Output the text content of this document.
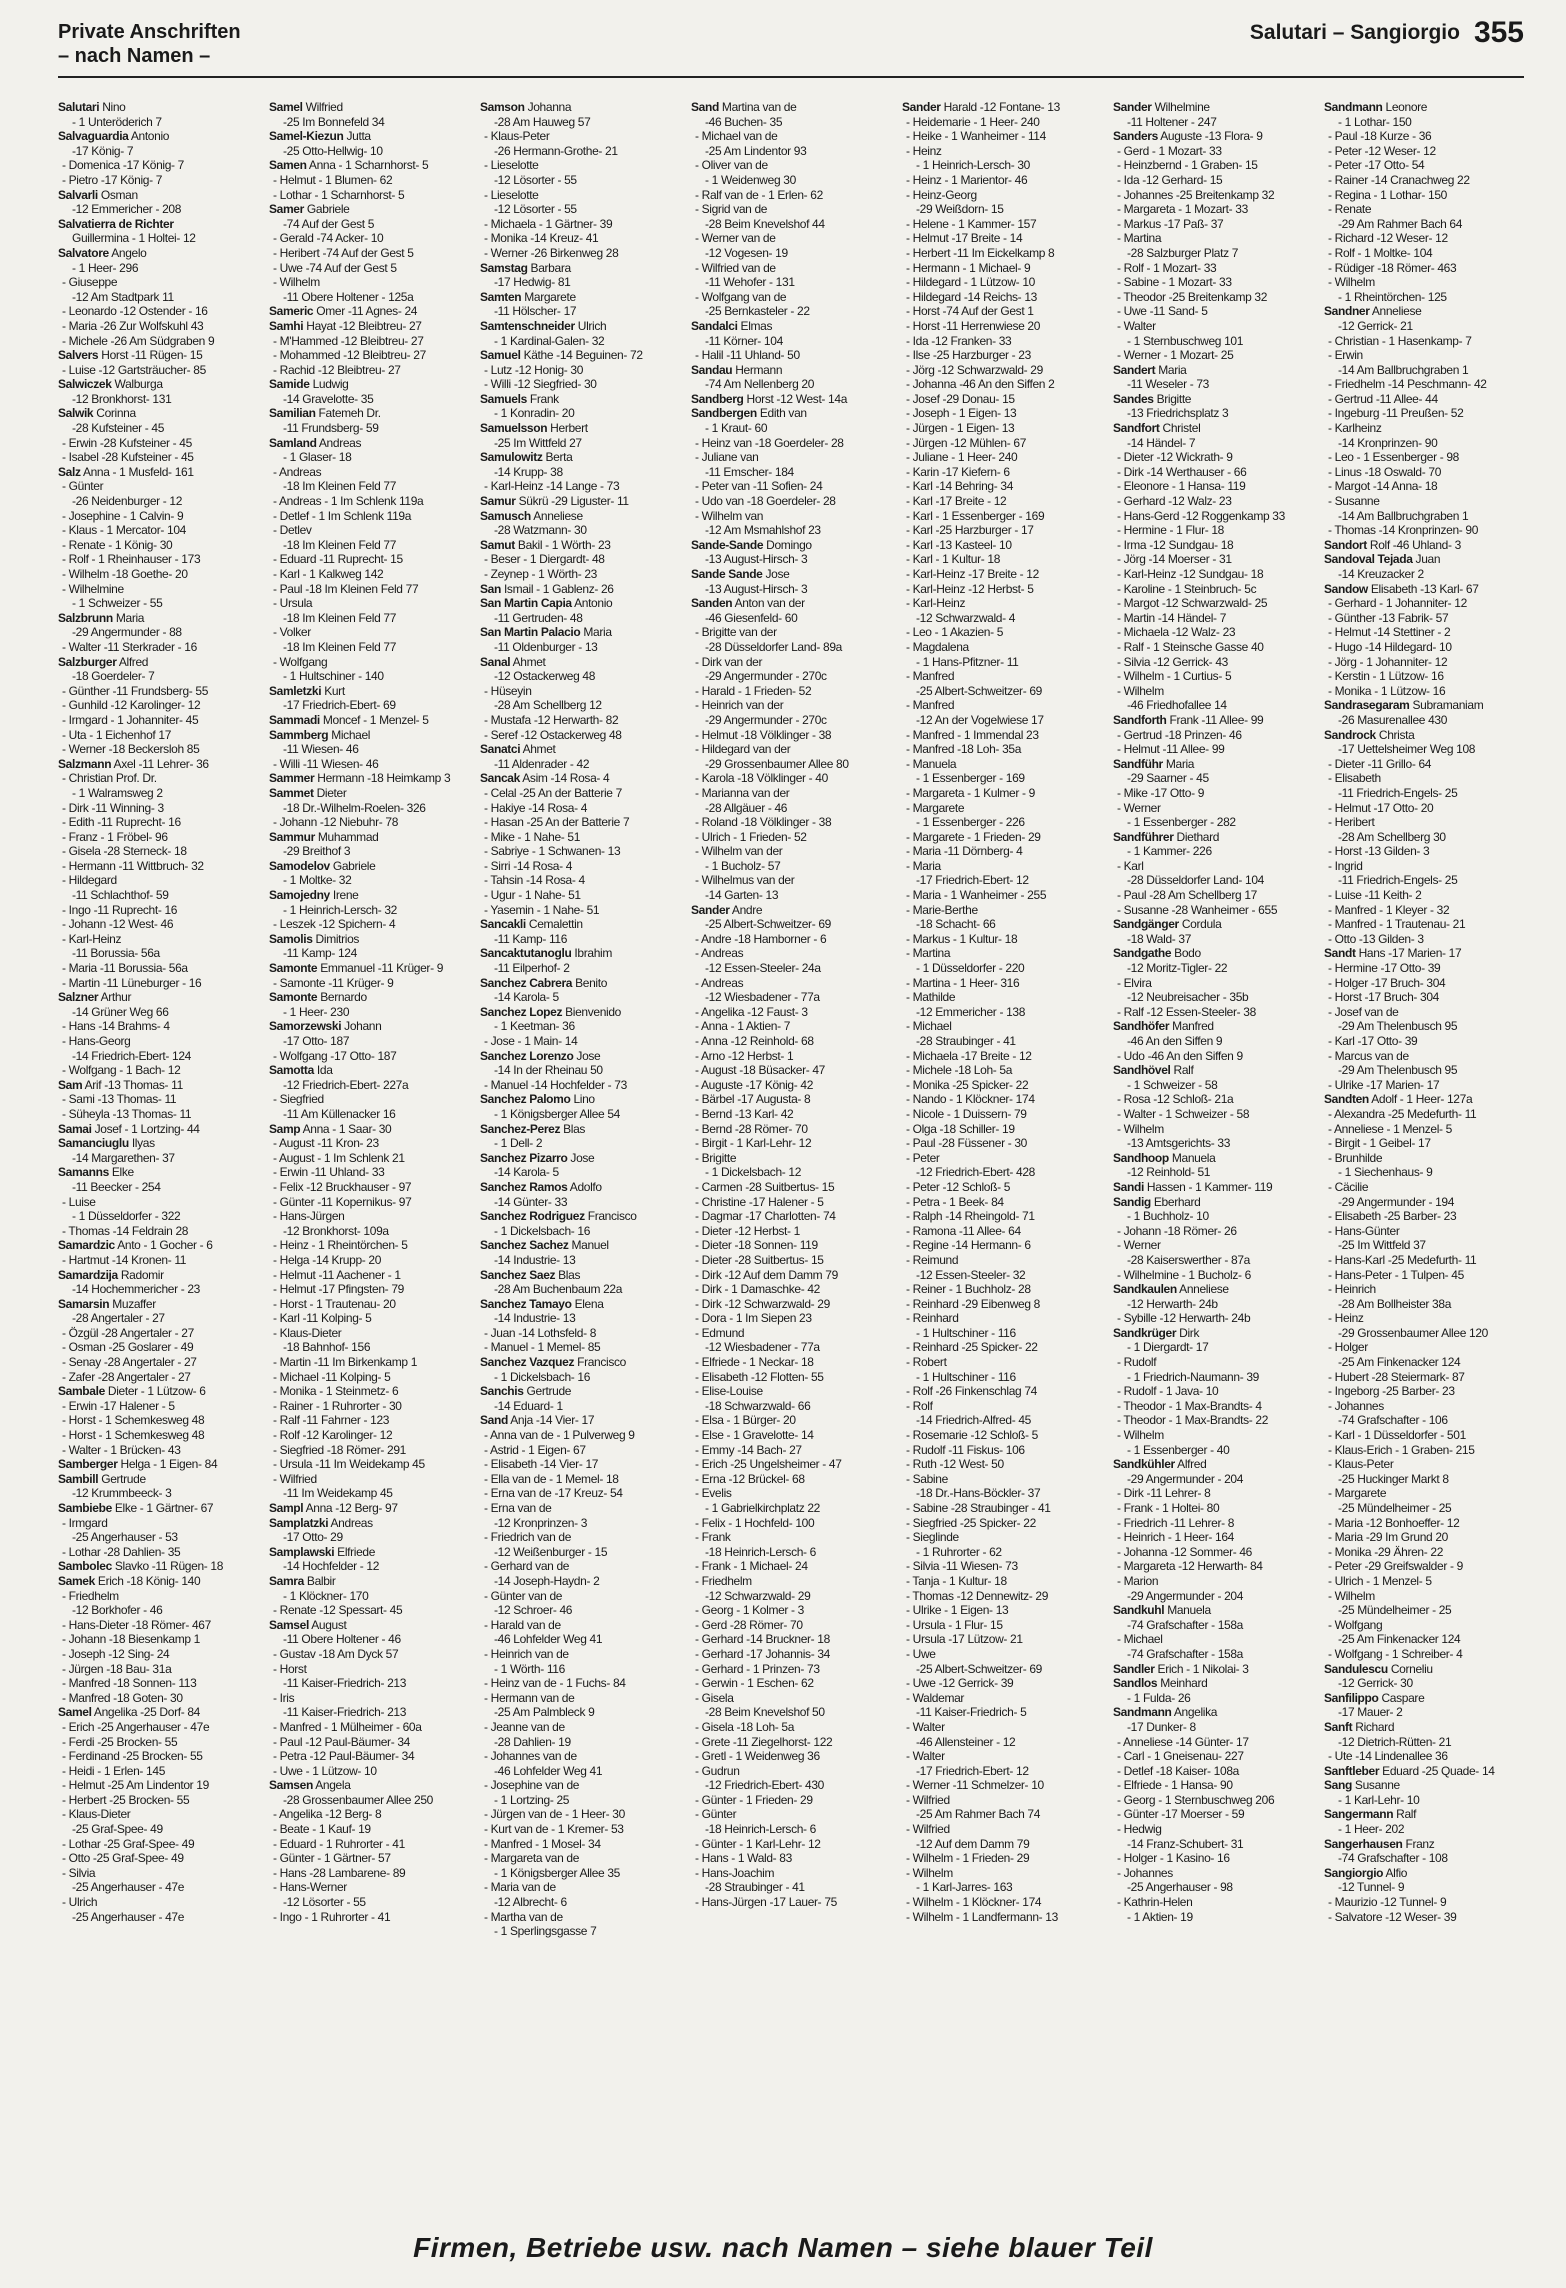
Private Anschriften
– nach Namen –
Salutari – Sangiorgio 355
Salutari Nino
- 1 Unteröderich 7
Salvaguardia Antonio
-17 König- 7
- Domenica -17 König- 7
- Pietro -17 König- 7
Salvarli Osman
-12 Emmericher - 208
Salvatierra de Richter
Guillermina - 1 Holtei- 12
Salvatore Angelo
- 1 Heer- 296
- Giuseppe
-12 Am Stadtpark 11
- Leonardo -12 Ostender - 16
- Maria -26 Zur Wolfskuhl 43
- Michele -26 Am Südgraben 9
Salvers Horst -11 Rügen- 15
- Luise -12 Gartsträucher- 85
Salwiczek Walburga
-12 Bronkhorst- 131
Salwik Corinna
-28 Kufsteiner - 45
- Erwin -28 Kufsteiner - 45
- Isabel -28 Kufsteiner - 45
Salz Anna - 1 Musfeld- 161
- Günter
-26 Neidenburger - 12
- Josephine - 1 Calvin- 9
- Klaus - 1 Mercator- 104
- Renate - 1 König- 30
- Rolf - 1 Rheinhauser - 173
- Wilhelm -18 Goethe- 20
- Wilhelmine
- 1 Schweizer - 55
Salzbrunn Maria
-29 Angermunder - 88
- Walter -11 Sterkrader - 16
Salzburger Alfred
-18 Goerdeler- 7
- Günther -11 Frundsberg- 55
- Gunhild -12 Karolinger- 12
- Irmgard - 1 Johanniter- 45
- Uta - 1 Eichenhof 17
- Werner -18 Beckersloh 85
Salzmann Axel -11 Lehrer- 36
- Christian Prof. Dr.
- 1 Walramsweg 2
- Dirk -11 Winning- 3
- Edith -11 Ruprecht- 16
- Franz - 1 Fröbel- 96
- Gisela -28 Sterneck- 18
- Hermann -11 Wittbruch- 32
- Hildegard
-11 Schlachthof- 59
- Ingo -11 Ruprecht- 16
- Johann -12 West- 46
- Karl-Heinz
-11 Borussia- 56a
- Maria -11 Borussia- 56a
- Martin -11 Lüneburger - 16
Salzner Arthur
-14 Grüner Weg 66
- Hans -14 Brahms- 4
- Hans-Georg
-14 Friedrich-Ebert- 124
- Wolfgang - 1 Bach- 12
Sam Arif -13 Thomas- 11
- Sami -13 Thomas- 11
- Süheyla -13 Thomas- 11
Samai Josef - 1 Lortzing- 44
Samanciuglu Ilyas
-14 Margarethen- 37
Samanns Elke
-11 Beecker - 254
- Luise
- 1 Düsseldorfer - 322
- Thomas -14 Feldrain 28
Samardzic Anto - 1 Gocher - 6
- Hartmut -14 Kronen- 11
Samardzija Radomir
-14 Hochemmericher - 23
Samarsin Muzaffer
-28 Angertaler - 27
- Özgül -28 Angertaler - 27
- Osman -25 Goslarer - 49
- Senay -28 Angertaler - 27
- Zafer -28 Angertaler - 27
Sambale Dieter - 1 Lützow- 6
- Erwin -17 Halener - 5
- Horst - 1 Schemkesweg 48
- Horst - 1 Schemkesweg 48
- Walter - 1 Brücken- 43
Samberger Helga - 1 Eigen- 84
Sambill Gertrude
-12 Krummbeeck- 3
Sambiebe Elke - 1 Gärtner- 67
- Irmgard
-25 Angerhauser - 53
- Lothar -28 Dahlien- 35
Sambolec Slavko -11 Rügen- 18
Samek Erich -18 König- 140
- Friedhelm
-12 Borkhofer - 46
- Hans-Dieter -18 Römer- 467
- Johann -18 Biesenkamp 1
- Joseph -12 Sing- 24
- Jürgen -18 Bau- 31a
- Manfred -18 Sonnen- 113
- Manfred -18 Goten- 30
Samel Angelika -25 Dorf- 84
- Erich -25 Angerhauser - 47e
- Ferdi -25 Brocken- 55
- Ferdinand -25 Brocken- 55
- Heidi - 1 Erlen- 145
- Helmut -25 Am Lindentor 19
- Herbert -25 Brocken- 55
- Klaus-Dieter
-25 Graf-Spee- 49
- Lothar -25 Graf-Spee- 49
- Otto -25 Graf-Spee- 49
- Silvia
-25 Angerhauser - 47e
- Ulrich
-25 Angerhauser - 47e
Samel Wilfried
-25 Im Bonnefeld 34
Samel-Kiezun Jutta
-25 Otto-Hellwig- 10
Samen Anna - 1 Scharnhorst- 5
- Helmut - 1 Blumen- 62
- Lothar - 1 Scharnhorst- 5
Samer Gabriele
-74 Auf der Gest 5
- Gerald -74 Acker- 10
- Heribert -74 Auf der Gest 5
- Uwe -74 Auf der Gest 5
- Wilhelm
-11 Obere Holtener - 125a
Sameric Omer -11 Agnes- 24
Samhi Hayat -12 Bleibtreu- 27
- M'Hammed -12 Bleibtreu- 27
- Mohammed -12 Bleibtreu- 27
- Rachid -12 Bleibtreu- 27
Samide Ludwig
-14 Gravelotte- 35
Samilian Fatemeh Dr.
-11 Frundsberg- 59
Samland Andreas
- 1 Glaser- 18
- Andreas
-18 Im Kleinen Feld 77
- Andreas - 1 Im Schlenk 119a
- Detlef - 1 Im Schlenk 119a
- Detlev
-18 Im Kleinen Feld 77
- Eduard -11 Ruprecht- 15
- Karl - 1 Kalkweg 142
- Paul -18 Im Kleinen Feld 77
- Ursula
-18 Im Kleinen Feld 77
- Volker
-18 Im Kleinen Feld 77
- Wolfgang
- 1 Hultschiner - 140
Samletzki Kurt
-17 Friedrich-Ebert- 69
Sammadi Moncef - 1 Menzel- 5
Sammberg Michael
-11 Wiesen- 46
- Willi -11 Wiesen- 46
Sammer Hermann -18 Heimkamp 3
Sammet Dieter
-18 Dr.-Wilhelm-Roelen- 326
- Johann -12 Niebuhr- 78
Sammur Muhammad
-29 Breithof 3
Samodelov Gabriele
- 1 Moltke- 32
Samojedny Irene
- 1 Heinrich-Lersch- 32
- Leszek -12 Spichern- 4
Samolis Dimitrios
-11 Kamp- 124
Samonte Emmanuel -11 Krüger- 9
- Samonte -11 Krüger- 9
Samonte Bernardo
- 1 Heer- 230
Samorzewski Johann
-17 Otto- 187
- Wolfgang -17 Otto- 187
Samotta Ida
-12 Friedrich-Ebert- 227a
- Siegfried
-11 Am Küllenacker 16
Samp Anna - 1 Saar- 30
- August -11 Kron- 23
- August - 1 Im Schlenk 21
- Erwin -11 Uhland- 33
- Felix -12 Bruckhauser - 97
- Günter -11 Kopernikus- 97
- Hans-Jürgen
-12 Bronkhorst- 109a
- Heinz - 1 Rheintörchen- 5
- Helga -14 Krupp- 20
- Helmut -11 Aachener - 1
- Helmut -17 Pfingsten- 79
- Horst - 1 Trautenau- 20
- Karl -11 Kolping- 5
- Klaus-Dieter
-18 Bahnhof- 156
- Martin -11 Im Birkenkamp 1
- Michael -11 Kolping- 5
- Monika - 1 Steinmetz- 6
- Rainer - 1 Ruhrorter - 30
- Ralf -11 Fahrner - 123
- Rolf -12 Karolinger- 12
- Siegfried -18 Römer- 291
- Ursula -11 Im Weidekamp 45
- Wilfried
-11 Im Weidekamp 45
Sampl Anna -12 Berg- 97
Samplatzki Andreas
-17 Otto- 29
Samplawski Elfriede
-14 Hochfelder - 12
Samra Balbir
- 1 Klöckner- 170
- Renate -12 Spessart- 45
Samsel August
-11 Obere Holtener - 46
- Gustav -18 Am Dyck 57
- Horst
-11 Kaiser-Friedrich- 213
- Iris
-11 Kaiser-Friedrich- 213
- Manfred - 1 Mülheimer - 60a
- Paul -12 Paul-Bäumer- 34
- Petra -12 Paul-Bäumer- 34
- Uwe - 1 Lützow- 10
Samsen Angela
-28 Grossenbaumer Allee 250
- Angelika -12 Berg- 8
- Beate - 1 Kauf- 19
- Eduard - 1 Ruhrorter - 41
- Günter - 1 Gärtner- 57
- Hans -28 Lambarene- 89
- Hans-Werner
-12 Lösorter - 55
- Ingo - 1 Ruhrorter - 41
Samson Johanna
-28 Am Hauweg 57
- Klaus-Peter
-26 Hermann-Grothe- 21
- Lieselotte
-12 Lösorter - 55
- Lieselotte
-12 Lösorter - 55
- Michaela - 1 Gärtner- 39
- Monika -14 Kreuz- 41
- Werner -26 Birkenweg 28
Samstag Barbara
-17 Hedwig- 81
Samten Margarete
-11 Hölscher- 17
Samtenschneider Ulrich
- 1 Kardinal-Galen- 32
Samuel Käthe -14 Beguinen- 72
- Lutz -12 Honig- 30
- Willi -12 Siegfried- 30
Samuels Frank
- 1 Konradin- 20
Samuelsson Herbert
-25 Im Wittfeld 27
Samulowitz Berta
-14 Krupp- 38
- Karl-Heinz -14 Lange - 73
Samur Sükrü -29 Liguster- 11
Samusch Anneliese
-28 Watzmann- 30
Samut Bakil - 1 Wörth- 23
- Beser - 1 Diergardt- 48
- Zeynep - 1 Wörth- 23
San Ismail - 1 Gablenz- 26
San Martin Capia Antonio
-11 Gertruden- 48
San Martin Palacio Maria
-11 Oldenburger - 13
Sanal Ahmet
-12 Ostackerweg 48
- Hüseyin
-28 Am Schellberg 12
- Mustafa -12 Herwarth- 82
- Seref -12 Ostackerweg 48
Sanatci Ahmet
-11 Aldenrader - 42
Sancak Asim -14 Rosa- 4
- Celal -25 An der Batterie 7
- Hakiye -14 Rosa- 4
- Hasan -25 An der Batterie 7
- Mike - 1 Nahe- 51
- Sabriye - 1 Schwanen- 13
- Sirri -14 Rosa- 4
- Tahsin -14 Rosa- 4
- Ugur - 1 Nahe- 51
- Yasemin - 1 Nahe- 51
Sancakli Cemalettin
-11 Kamp- 116
Sancaktutanoglu Ibrahim
-11 Eilperhof- 2
Sanchez Cabrera Benito
-14 Karola- 5
Sanchez Lopez Bienvenido
- 1 Keetman- 36
- Jose - 1 Main- 14
Sanchez Lorenzo Jose
-14 In der Rheinau 50
- Manuel -14 Hochfelder - 73
Sanchez Palomo Lino
- 1 Königsberger Allee 54
Sanchez-Perez Blas
- 1 Dell- 2
Sanchez Pizarro Jose
-14 Karola- 5
Sanchez Ramos Adolfo
-14 Günter- 33
Sanchez Rodriguez Francisco
- 1 Dickelsbach- 16
Sanchez Sachez Manuel
-14 Industrie- 13
Sanchez Saez Blas
-28 Am Buchenbaum 22a
Sanchez Tamayo Elena
-14 Industrie- 13
- Juan -14 Lothsfeld- 8
- Manuel - 1 Memel- 85
Sanchez Vazquez Francisco
- 1 Dickelsbach- 16
Sanchis Gertrude
-14 Eduard- 1
Sand Anja -14 Vier- 17
- Anna van de - 1 Pulverweg 9
- Astrid - 1 Eigen- 67
- Elisabeth -14 Vier- 17
- Ella van de - 1 Memel- 18
- Erna van de -17 Kreuz- 54
- Erna van de
-12 Kronprinzen- 3
- Friedrich van de
-12 Weißenburger - 15
- Gerhard van de
-14 Joseph-Haydn- 2
- Günter van de
-12 Schroer- 46
- Harald van de
-46 Lohfelder Weg 41
- Heinrich van de
- 1 Wörth- 116
- Heinz van de - 1 Fuchs- 84
- Hermann van de
-25 Am Palmbleck 9
- Jeanne van de
-28 Dahlien- 19
- Johannes van de
-46 Lohfelder Weg 41
- Josephine van de
- 1 Lortzing- 25
- Jürgen van de - 1 Heer- 30
- Kurt van de - 1 Kremer- 53
- Manfred - 1 Mosel- 34
- Margareta van de
- 1 Königsberger Allee 35
- Maria van de
-12 Albrecht- 6
- Martha van de
- 1 Sperlingsgasse 7
Sand Martina van de
-46 Buchen- 35
- Michael van de
-25 Am Lindentor 93
- Oliver van de
- 1 Weidenweg 30
- Ralf van de - 1 Erlen- 62
- Sigrid van de
-28 Beim Knevelshof 44
- Werner van de
-12 Vogesen- 19
- Wilfried van de
-11 Wehofer - 131
- Wolfgang van de
-25 Bernkasteler - 22
Sandalci Elmas
-11 Körner- 104
- Halil -11 Uhland- 50
Sandau Hermann
-74 Am Nellenberg 20
Sandberg Horst -12 West- 14a
Sandbergen Edith van
- 1 Kraut- 60
- Heinz van -18 Goerdeler- 28
- Juliane van
-11 Emscher- 184
- Peter van -11 Sofien- 24
- Udo van -18 Goerdeler- 28
- Wilhelm van
-12 Am Msmahlshof 23
Sande-Sande Domingo
-13 August-Hirsch- 3
Sande Sande Jose
-13 August-Hirsch- 3
Sanden Anton van der
-46 Giesenfeld- 60
- Brigitte van der
-28 Düsseldorfer Land- 89a
- Dirk van der
-29 Angermunder - 270c
- Harald - 1 Frieden- 52
- Heinrich van der
-29 Angermunder - 270c
- Helmut -18 Völklinger - 38
- Hildegard van der
-29 Grossenbaumer Allee 80
- Karola -18 Völklinger - 40
- Marianna van der
-28 Allgäuer - 46
- Roland -18 Völklinger - 38
- Ulrich - 1 Frieden- 52
- Wilhelm van der
- 1 Bucholz- 57
- Wilhelmus van der
-14 Garten- 13
Sander Andre
-25 Albert-Schweitzer- 69
- Andre -18 Hamborner - 6
- Andreas
-12 Essen-Steeler- 24a
- Andreas
-12 Wiesbadener - 77a
- Angelika -12 Faust- 3
- Anna - 1 Aktien- 7
- Anna -12 Reinhold- 68
- Arno -12 Herbst- 1
- August -18 Büsacker- 47
- Auguste -17 König- 42
- Bärbel -17 Augusta- 8
- Bernd -13 Karl- 42
- Bernd -28 Römer- 70
- Birgit - 1 Karl-Lehr- 12
- Brigitte
- 1 Dickelsbach- 12
- Carmen -28 Suitbertus- 15
- Christine -17 Halener - 5
- Dagmar -17 Charlotten- 74
- Dieter -12 Herbst- 1
- Dieter -18 Sonnen- 119
- Dieter -28 Suitbertus- 15
- Dirk -12 Auf dem Damm 79
- Dirk - 1 Damaschke- 42
- Dirk -12 Schwarzwald- 29
- Dora - 1 Im Siepen 23
- Edmund
-12 Wiesbadener - 77a
- Elfriede - 1 Neckar- 18
- Elisabeth -12 Flotten- 55
- Elise-Louise
-18 Schwarzwald- 66
- Elsa - 1 Bürger- 20
- Else - 1 Gravelotte- 14
- Emmy -14 Bach- 27
- Erich -25 Ungelsheimer - 47
- Erna -12 Brückel- 68
- Evelis
- 1 Gabrielkirchplatz 22
- Felix - 1 Hochfeld- 100
- Frank
-18 Heinrich-Lersch- 6
- Frank - 1 Michael- 24
- Friedhelm
-12 Schwarzwald- 29
- Georg - 1 Kolmer - 3
- Gerd -28 Römer- 70
- Gerhard -14 Bruckner- 18
- Gerhard -17 Johannis- 34
- Gerhard - 1 Prinzen- 73
- Gerwin - 1 Eschen- 62
- Gisela
-28 Beim Knevelshof 50
- Gisela -18 Loh- 5a
- Grete -11 Ziegelhorst- 122
- Gretl - 1 Weidenweg 36
- Gudrun
-12 Friedrich-Ebert- 430
- Günter - 1 Frieden- 29
- Günter
-18 Heinrich-Lersch- 6
- Günter - 1 Karl-Lehr- 12
- Hans - 1 Wald- 83
- Hans-Joachim
-28 Straubinger - 41
- Hans-Jürgen -17 Lauer- 75
Sander Harald -12 Fontane- 13
- Heidemarie - 1 Heer- 240
- Heike - 1 Wanheimer - 114
- Heinz
- 1 Heinrich-Lersch- 30
- Heinz - 1 Marientor- 46
- Heinz-Georg
-29 Weißdorn- 15
- Helene - 1 Kammer- 157
- Helmut -17 Breite - 14
- Herbert -11 Im Eickelkamp 8
- Hermann - 1 Michael- 9
- Hildegard - 1 Lützow- 10
- Hildegard -14 Reichs- 13
- Horst -74 Auf der Gest 1
- Horst -11 Herrenwiese 20
- Ida -12 Franken- 33
- Ilse -25 Harzburger - 23
- Jörg -12 Schwarzwald- 29
- Johanna -46 An den Siffen 2
- Josef -29 Donau- 15
- Joseph - 1 Eigen- 13
- Jürgen - 1 Eigen- 13
- Jürgen -12 Mühlen- 67
- Juliane - 1 Heer- 240
- Karin -17 Kiefern- 6
- Karl -14 Behring- 34
- Karl -17 Breite - 12
- Karl - 1 Essenberger - 169
- Karl -25 Harzburger - 17
- Karl -13 Kasteel- 10
- Karl - 1 Kultur- 18
- Karl-Heinz -17 Breite - 12
- Karl-Heinz -12 Herbst- 5
- Karl-Heinz
-12 Schwarzwald- 4
- Leo - 1 Akazien- 5
- Magdalena
- 1 Hans-Pfitzner- 11
- Manfred
-25 Albert-Schweitzer- 69
- Manfred
-12 An der Vogelwiese 17
- Manfred - 1 Immendal 23
- Manfred -18 Loh- 35a
- Manuela
- 1 Essenberger - 169
- Margareta - 1 Kulmer - 9
- Margarete
- 1 Essenberger - 226
- Margarete - 1 Frieden- 29
- Maria -11 Dörnberg- 4
- Maria
-17 Friedrich-Ebert- 12
- Maria - 1 Wanheimer - 255
- Marie-Berthe
-18 Schacht- 66
- Markus - 1 Kultur- 18
- Martina
- 1 Düsseldorfer - 220
- Martina - 1 Heer- 316
- Mathilde
-12 Emmericher - 138
- Michael
-28 Straubinger - 41
- Michaela -17 Breite - 12
- Michele -18 Loh- 5a
- Monika -25 Spicker- 22
- Nando - 1 Klöckner- 174
- Nicole - 1 Duissern- 79
- Olga -18 Schiller- 19
- Paul -28 Füssener - 30
- Peter
-12 Friedrich-Ebert- 428
- Peter -12 Schloß- 5
- Petra - 1 Beek- 84
- Ralph -14 Rheingold- 71
- Ramona -11 Allee- 64
- Regine -14 Hermann- 6
- Reimund
-12 Essen-Steeler- 32
- Reiner - 1 Buchholz- 28
- Reinhard -29 Eibenweg 8
- Reinhard
- 1 Hultschiner - 116
- Reinhard -25 Spicker- 22
- Robert
- 1 Hultschiner - 116
- Rolf -26 Finkenschlag 74
- Rolf
-14 Friedrich-Alfred- 45
- Rosemarie -12 Schloß- 5
- Rudolf -11 Fiskus- 106
- Ruth -12 West- 50
- Sabine
-18 Dr.-Hans-Böckler- 37
- Sabine -28 Straubinger - 41
- Siegfried -25 Spicker- 22
- Sieglinde
- 1 Ruhrorter - 62
- Silvia -11 Wiesen- 73
- Tanja - 1 Kultur- 18
- Thomas -12 Dennewitz- 29
- Ulrike - 1 Eigen- 13
- Ursula - 1 Flur- 15
- Ursula -17 Lützow- 21
- Uwe
-25 Albert-Schweitzer- 69
- Uwe -12 Gerrick- 39
- Waldemar
-11 Kaiser-Friedrich- 5
- Walter
-46 Allensteiner - 12
- Walter
-17 Friedrich-Ebert- 12
- Werner -11 Schmelzer- 10
- Wilfried
-25 Am Rahmer Bach 74
- Wilfried
-12 Auf dem Damm 79
- Wilhelm - 1 Frieden- 29
- Wilhelm
- 1 Karl-Jarres- 163
- Wilhelm - 1 Klöckner- 174
- Wilhelm - 1 Landfermann- 13
Sander Wilhelmine
-11 Holtener - 247
Sanders Auguste -13 Flora- 9
- Gerd - 1 Mozart- 33
- Heinzbernd - 1 Graben- 15
- Ida -12 Gerhard- 15
- Johannes -25 Breitenkamp 32
- Margareta - 1 Mozart- 33
- Markus -17 Paß- 37
- Martina
-28 Salzburger Platz 7
- Rolf - 1 Mozart- 33
- Sabine - 1 Mozart- 33
- Theodor -25 Breitenkamp 32
- Uwe -11 Sand- 5
- Walter
- 1 Sternbuschweg 101
- Werner - 1 Mozart- 25
Sandert Maria
-11 Weseler - 73
Sandes Brigitte
-13 Friedrichsplatz 3
Sandfort Christel
-14 Händel- 7
- Dieter -12 Wickrath- 9
- Dirk -14 Werthauser - 66
- Eleonore - 1 Hansa- 119
- Gerhard -12 Walz- 23
- Hans-Gerd -12 Roggenkamp 33
- Hermine - 1 Flur- 18
- Irma -12 Sundgau- 18
- Jörg -14 Moerser - 31
- Karl-Heinz -12 Sundgau- 18
- Karoline - 1 Steinbruch- 5c
- Margot -12 Schwarzwald- 25
- Martin -14 Händel- 7
- Michaela -12 Walz- 23
- Ralf - 1 Steinsche Gasse 40
- Silvia -12 Gerrick- 43
- Wilhelm - 1 Curtius- 5
- Wilhelm
-46 Friedhofallee 14
Sandforth Frank -11 Allee- 99
- Gertrud -18 Prinzen- 46
- Helmut -11 Allee- 99
Sandführ Maria
-29 Saarner - 45
- Mike -17 Otto- 9
- Werner
- 1 Essenberger - 282
Sandführer Diethard
- 1 Kammer- 226
- Karl
-28 Düsseldorfer Land- 104
- Paul -28 Am Schellberg 17
- Susanne -28 Wanheimer - 655
Sandgänger Cordula
-18 Wald- 37
Sandgathe Bodo
-12 Moritz-Tigler- 22
- Elvira
-12 Neubreisacher - 35b
- Ralf -12 Essen-Steeler- 38
Sandhöfer Manfred
-46 An den Siffen 9
- Udo -46 An den Siffen 9
Sandhövel Ralf
- 1 Schweizer - 58
- Rosa -12 Schloß- 21a
- Walter - 1 Schweizer - 58
- Wilhelm
-13 Amtsgerichts- 33
Sandhoop Manuela
-12 Reinhold- 51
Sandi Hassen - 1 Kammer- 119
Sandig Eberhard
- 1 Buchholz- 10
- Johann -18 Römer- 26
- Werner
-28 Kaiserswerther - 87a
- Wilhelmine - 1 Bucholz- 6
Sandkaulen Anneliese
-12 Herwarth- 24b
- Sybille -12 Herwarth- 24b
Sandkrüger Dirk
- 1 Diergardt- 17
- Rudolf
- 1 Friedrich-Naumann- 39
- Rudolf - 1 Java- 10
- Theodor - 1 Max-Brandts- 4
- Theodor - 1 Max-Brandts- 22
- Wilhelm
- 1 Essenberger - 40
Sandkühler Alfred
-29 Angermunder - 204
- Dirk -11 Lehrer- 8
- Frank - 1 Holtei- 80
- Friedrich -11 Lehrer- 8
- Heinrich - 1 Heer- 164
- Johanna -12 Sommer- 46
- Margareta -12 Herwarth- 84
- Marion
-29 Angermunder - 204
Sandkuhl Manuela
-74 Grafschafter - 158a
- Michael
-74 Grafschafter - 158a
Sandler Erich - 1 Nikolai- 3
Sandlos Meinhard
- 1 Fulda- 26
Sandmann Angelika
-17 Dunker- 8
- Anneliese -14 Günter- 17
- Carl - 1 Gneisenau- 227
- Detlef -18 Kaiser- 108a
- Elfriede - 1 Hansa- 90
- Georg - 1 Sternbuschweg 206
- Günter -17 Moerser - 59
- Hedwig
-14 Franz-Schubert- 31
- Holger - 1 Kasino- 16
- Johannes
-25 Angerhauser - 98
- Kathrin-Helen
- 1 Aktien- 19
Sandmann Leonore
- 1 Lothar- 150
- Paul -18 Kurze - 36
- Peter -12 Weser- 12
- Peter -17 Otto- 54
- Rainer -14 Cranachweg 22
- Regina - 1 Lothar- 150
- Renate
-29 Am Rahmer Bach 64
- Richard -12 Weser- 12
- Rolf - 1 Moltke- 104
- Rüdiger -18 Römer- 463
- Wilhelm
- 1 Rheintörchen- 125
Sandner Anneliese
-12 Gerrick- 21
- Christian - 1 Hasenkamp- 7
- Erwin
-14 Am Ballbruchgraben 1
- Friedhelm -14 Peschmann- 42
- Gertrud -11 Allee- 44
- Ingeburg -11 Preußen- 52
- Karlheinz
-14 Kronprinzen- 90
- Leo - 1 Essenberger - 98
- Linus -18 Oswald- 70
- Margot -14 Anna- 18
- Susanne
-14 Am Ballbruchgraben 1
- Thomas -14 Kronprinzen- 90
Sandort Rolf -46 Uhland- 3
Sandoval Tejada Juan
-14 Kreuzacker 2
Sandow Elisabeth -13 Karl- 67
- Gerhard - 1 Johanniter- 12
- Günther -13 Fabrik- 57
- Helmut -14 Stettiner - 2
- Hugo -14 Hildegard- 10
- Jörg - 1 Johanniter- 12
- Kerstin - 1 Lützow- 16
- Monika - 1 Lützow- 16
Sandrasegaram Subramaniam
-26 Masurenallee 430
Sandrock Christa
-17 Uettelsheimer Weg 108
- Dieter -11 Grillo- 64
- Elisabeth
-11 Friedrich-Engels- 25
- Helmut -17 Otto- 20
- Heribert
-28 Am Schellberg 30
- Horst -13 Gilden- 3
- Ingrid
-11 Friedrich-Engels- 25
- Luise -11 Keith- 2
- Manfred - 1 Kleyer - 32
- Manfred - 1 Trautenau- 21
- Otto -13 Gilden- 3
Sandt Hans -17 Marien- 17
- Hermine -17 Otto- 39
- Holger -17 Bruch- 304
- Horst -17 Bruch- 304
- Josef van de
-29 Am Thelenbusch 95
- Karl -17 Otto- 39
- Marcus van de
-29 Am Thelenbusch 95
- Ulrike -17 Marien- 17
Sandten Adolf - 1 Heer- 127a
- Alexandra -25 Medefurth- 11
- Anneliese - 1 Menzel- 5
- Birgit - 1 Geibel- 17
- Brunhilde
- 1 Siechenhaus- 9
- Cäcilie
-29 Angermunder - 194
- Elisabeth -25 Barber- 23
- Hans-Günter
-25 Im Wittfeld 37
- Hans-Karl -25 Medefurth- 11
- Hans-Peter - 1 Tulpen- 45
- Heinrich
-28 Am Bollheister 38a
- Heinz
-29 Grossenbaumer Allee 120
- Holger
-25 Am Finkenacker 124
- Hubert -28 Steiermark- 87
- Ingeborg -25 Barber- 23
- Johannes
-74 Grafschafter - 106
- Karl - 1 Düsseldorfer - 501
- Klaus-Erich - 1 Graben- 215
- Klaus-Peter
-25 Huckinger Markt 8
- Margarete
-25 Mündelheimer - 25
- Maria -12 Bonhoeffer- 12
- Maria -29 Im Grund 20
- Monika -29 Ähren- 22
- Peter -29 Greifswalder - 9
- Ulrich - 1 Menzel- 5
- Wilhelm
-25 Mündelheimer - 25
- Wolfgang
-25 Am Finkenacker 124
- Wolfgang - 1 Schreiber- 4
Sandulescu Corneliu
-12 Gerrick- 30
Sanfilippo Caspare
-17 Mauer- 2
Sanft Richard
-12 Dietrich-Rütten- 21
- Ute -14 Lindenallee 36
Sanftleber Eduard -25 Quade- 14
Sang Susanne
- 1 Karl-Lehr- 10
Sangermann Ralf
- 1 Heer- 202
Sangerhausen Franz
-74 Grafschafter - 108
Sangiorgio Alfio
-12 Tunnel- 9
- Maurizio -12 Tunnel- 9
- Salvatore -12 Weser- 39
Firmen, Betriebe usw. nach Namen – siehe blauer Teil
